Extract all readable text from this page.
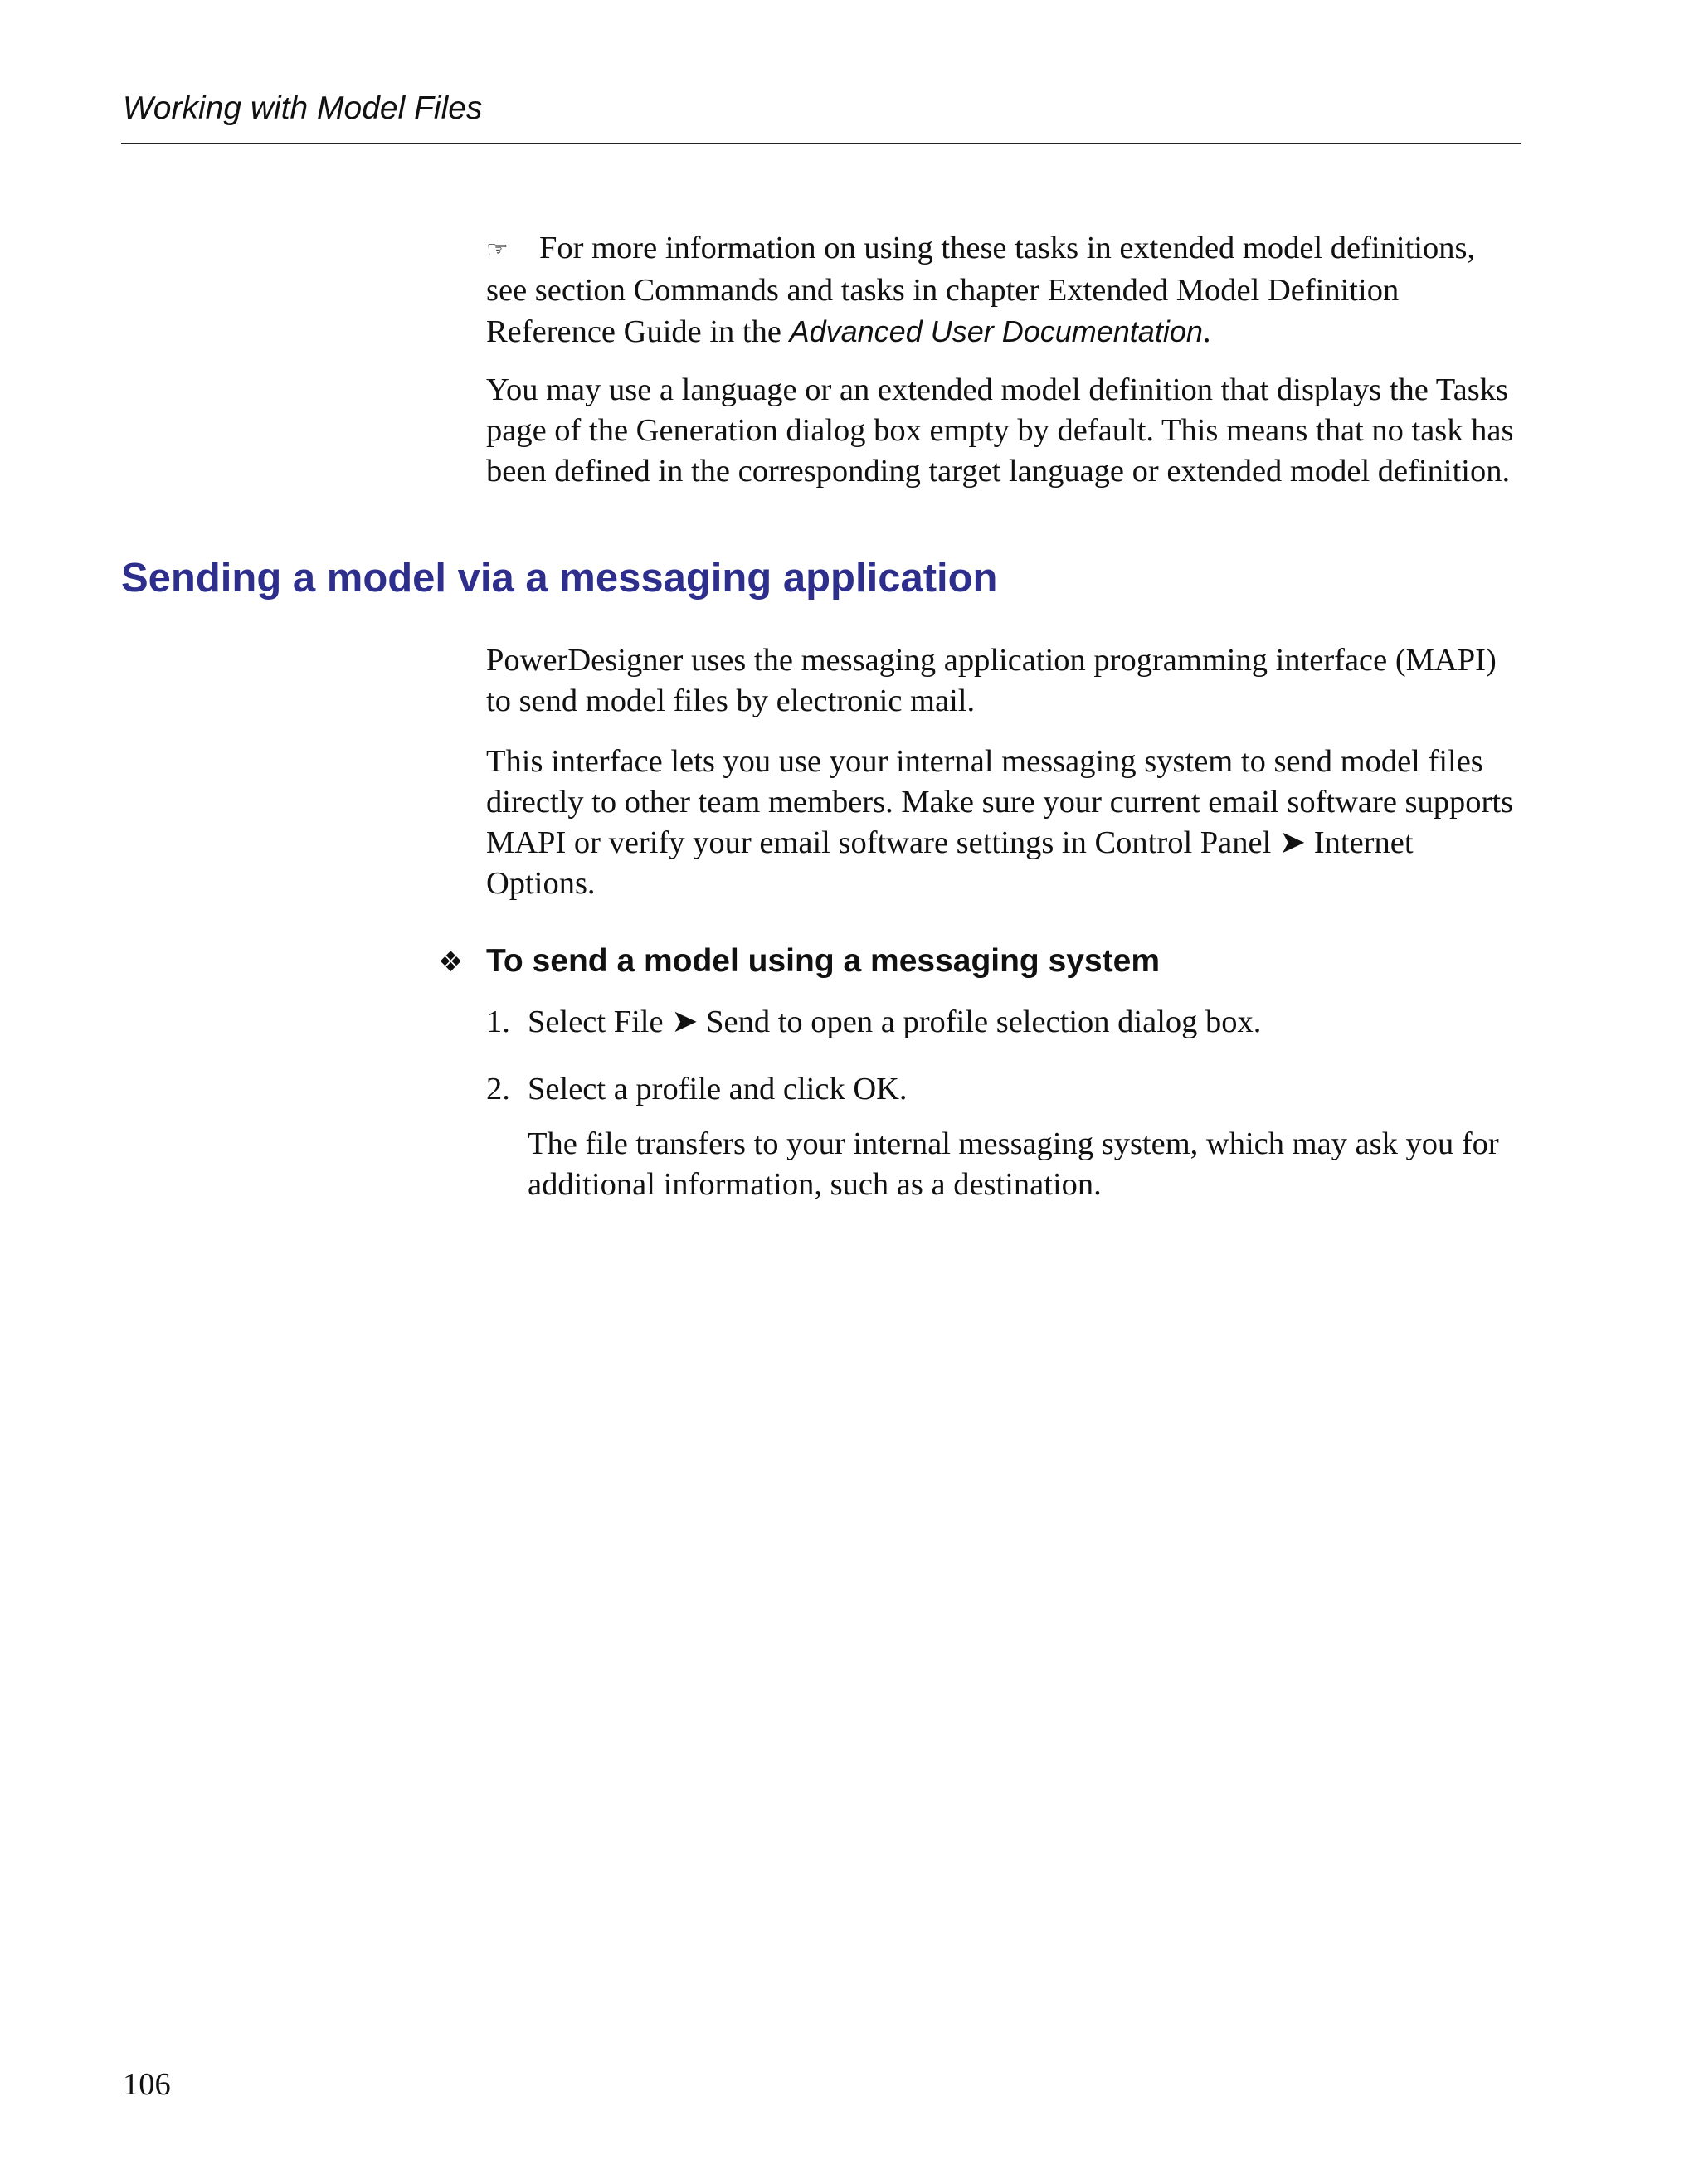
Working with Model Files

☞ For more information on using these tasks in extended model definitions, see section Commands and tasks in chapter Extended Model Definition Reference Guide in the Advanced User Documentation.

You may use a language or an extended model definition that displays the Tasks page of the Generation dialog box empty by default. This means that no task has been defined in the corresponding target language or extended model definition.

Sending a model via a messaging application

PowerDesigner uses the messaging application programming interface (MAPI) to send model files by electronic mail.

This interface lets you use your internal messaging system to send model files directly to other team members. Make sure your current email software supports MAPI or verify your email software settings in Control Panel ➤ Internet Options.

❖ To send a model using a messaging system
1. Select File ➤ Send to open a profile selection dialog box.
2. Select a profile and click OK.

The file transfers to your internal messaging system, which may ask you for additional information, such as a destination.

106
